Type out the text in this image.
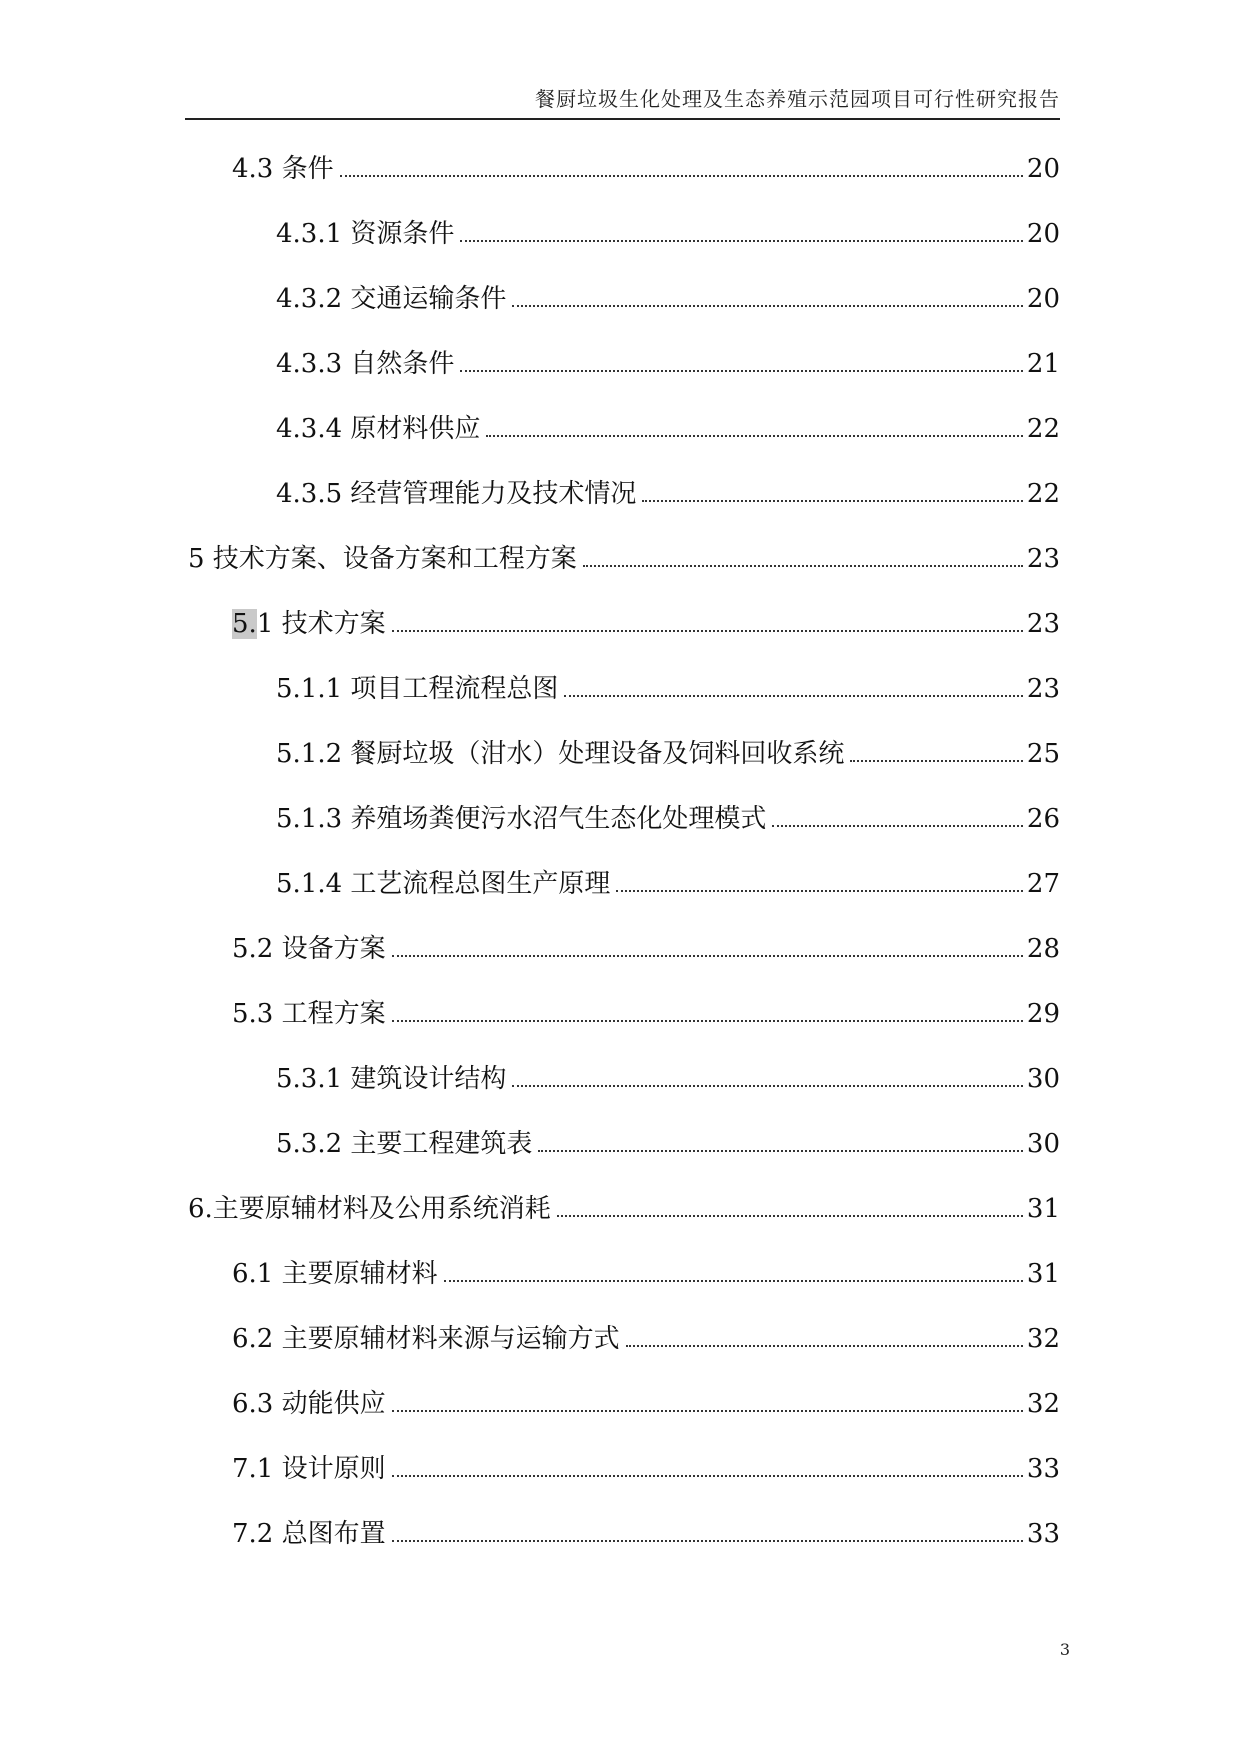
餐厨垃圾生化处理及生态养殖示范园项目可行性研究报告
4.3 条件	20
4.3.1 资源条件	20
4.3.2 交通运输条件	20
4.3.3 自然条件	21
4.3.4 原材料供应	22
4.3.5 经营管理能力及技术情况	22
5 技术方案、设备方案和工程方案	23
5.1 技术方案	23
5.1.1 项目工程流程总图	23
5.1.2 餐厨垃圾（泔水）处理设备及饲料回收系统	25
5.1.3 养殖场粪便污水沼气生态化处理模式	26
5.1.4 工艺流程总图生产原理	27
5.2 设备方案	28
5.3 工程方案	29
5.3.1 建筑设计结构	30
5.3.2 主要工程建筑表	30
6.主要原辅材料及公用系统消耗	31
6.1 主要原辅材料	31
6.2 主要原辅材料来源与运输方式	32
6.3 动能供应	32
7.1 设计原则	33
7.2 总图布置	33
3
